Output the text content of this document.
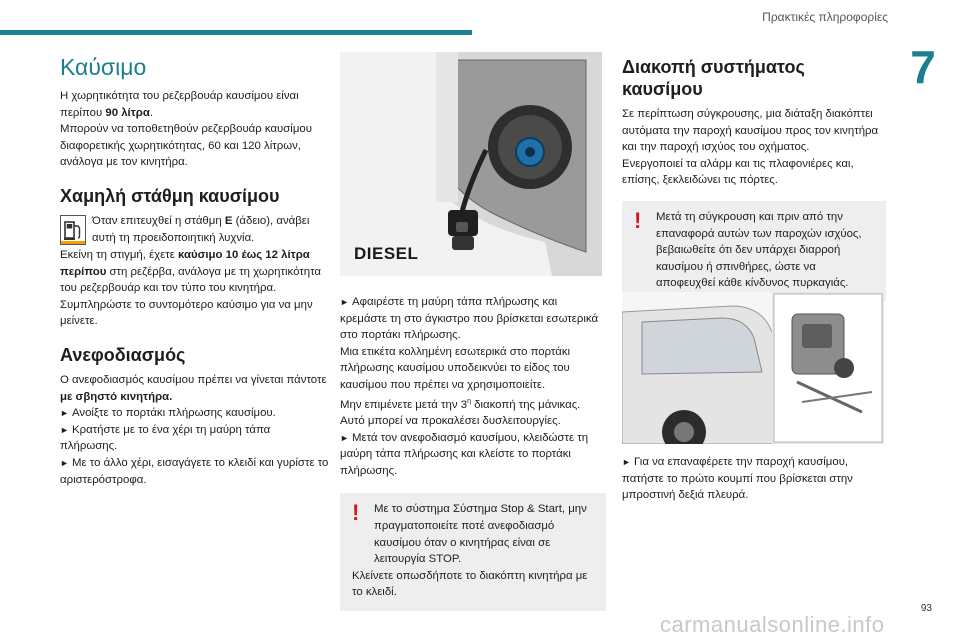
Πρακτικές πληροφορίες
7
Καύσιμο

Η χωρητικότητα του ρεζερβουάρ καυσίμου είναι περίπου 90 λίτρα.

Μπορούν να τοποθετηθούν ρεζερβουάρ καυσίμου διαφορετικής χωρητικότητας, 60 και 120 λίτρων, ανάλογα με τον κινητήρα.

Χαμηλή στάθμη καυσίμου

Όταν επιτευχθεί η στάθμη E (άδειο), ανάβει αυτή τη προειδοποιητική λυχνία.

Εκείνη τη στιγμή, έχετε καύσιμο 10 έως 12 λίτρα περίπου στη ρεζέρβα, ανάλογα με τη χωρητικότητα του ρεζερβουάρ και τον τύπο του κινητήρα.

Συμπληρώστε το συντομότερο καύσιμο για να μην μείνετε.

Ανεφοδιασμός

Ο ανεφοδιασμός καυσίμου πρέπει να γίνεται πάντοτε με σβηστό κινητήρα.

► Ανοίξτε το πορτάκι πλήρωσης καυσίμου.

► Κρατήστε με το ένα χέρι τη μαύρη τάπα πλήρωσης.

► Με το άλλο χέρι, εισαγάγετε το κλειδί και γυρίστε το αριστερόστροφα.

DIESEL

► Αφαιρέστε τη μαύρη τάπα πλήρωσης και κρεμάστε τη στο άγκιστρο που βρίσκεται εσωτερικά στο πορτάκι πλήρωσης.

Μια ετικέτα κολλημένη εσωτερικά στο πορτάκι πλήρωσης καυσίμου υποδεικνύει το είδος του καυσίμου που πρέπει να χρησιμοποιείτε.

Μην επιμένετε μετά την $3^\eta$ διακοπή της μάνικας. Αυτό μπορεί να προκαλέσει δυσλειτουργίες.

► Μετά τον ανεφοδιασμό καυσίμου, κλειδώστε τη μαύρη τάπα πλήρωσης και κλείστε το πορτάκι πλήρωσης.

!	Με το σύστημα Σύστημα Stop & Start, μην πραγματοποιείτε ποτέ ανεφοδιασμό καυσίμου όταν ο κινητήρας είναι σε λειτουργία STOP.

Κλείνετε οπωσδήποτε το διακόπτη κινητήρα με το κλειδί.

Διακοπή συστήματος καυσίμου

Σε περίπτωση σύγκρουσης, μια διάταξη διακόπτει αυτόματα την παροχή καυσίμου προς τον κινητήρα και την παροχή ισχύος του οχήματος.

Ενεργοποιεί τα αλάρμ και τις πλαφονιέρες και, επίσης, ξεκλειδώνει τις πόρτες.

!	Μετά τη σύγκρουση και πριν από την επαναφορά αυτών των παροχών ισχύος, βεβαιωθείτε ότι δεν υπάρχει διαρροή καυσίμου ή σπινθήρες, ώστε να αποφευχθεί κάθε κίνδυνος πυρκαγιάς.

► Για να επαναφέρετε την παροχή καυσίμου, πατήστε το πρώτο κουμπί που βρίσκεται στην μπροστινή δεξιά πλευρά.

93
carmanualsonline.info
